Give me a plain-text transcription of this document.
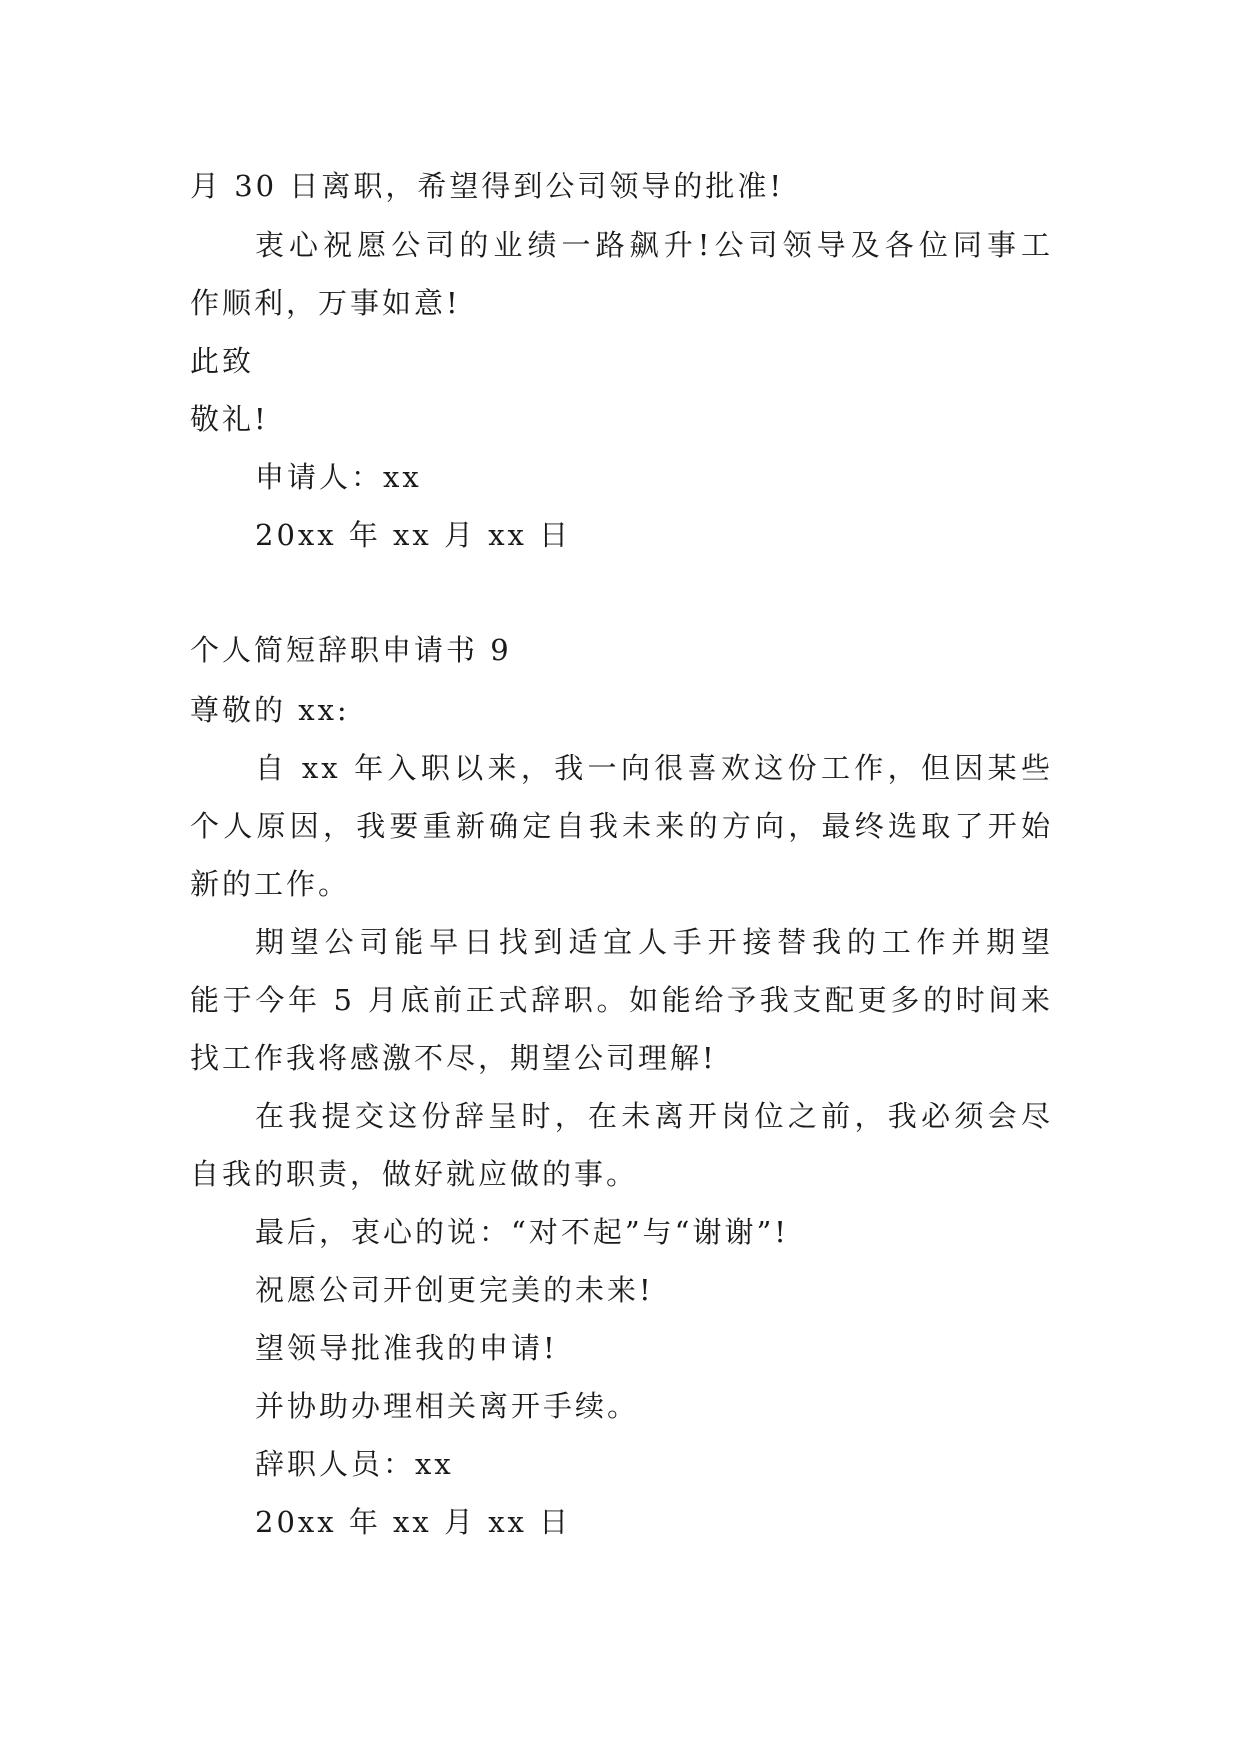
月 30 日离职，希望得到公司领导的批准!
衷心祝愿公司的业绩一路飙升!公司领导及各位同事工
作顺利，万事如意!
此致
敬礼!
申请人：xx
20xx 年 xx 月 xx 日
个人简短辞职申请书 9
尊敬的 xx:
自 xx 年入职以来，我一向很喜欢这份工作，但因某些
个人原因，我要重新确定自我未来的方向，最终选取了开始
新的工作。
期望公司能早日找到适宜人手开接替我的工作并期望
能于今年 5 月底前正式辞职。如能给予我支配更多的时间来
找工作我将感激不尽，期望公司理解!
在我提交这份辞呈时，在未离开岗位之前，我必须会尽
自我的职责，做好就应做的事。
最后，衷心的说：“对不起”与“谢谢”!
祝愿公司开创更完美的未来!
望领导批准我的申请!
并协助办理相关离开手续。
辞职人员：xx
20xx 年 xx 月 xx 日
